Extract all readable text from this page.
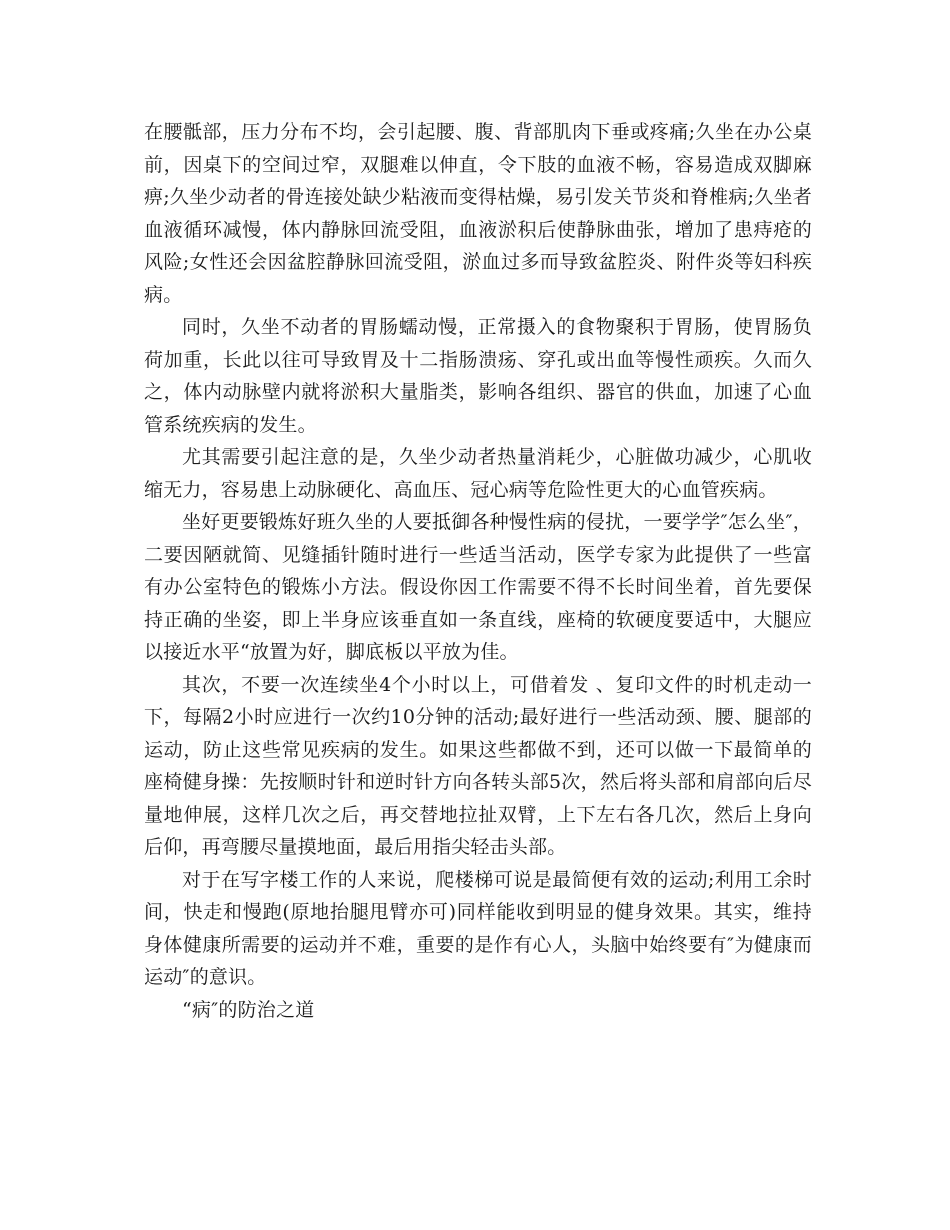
在腰骶部，压力分布不均，会引起腰、腹、背部肌肉下垂或疼痛;久坐在办公桌前，因桌下的空间过窄，双腿难以伸直，令下肢的血液不畅，容易造成双脚麻痹;久坐少动者的骨连接处缺少粘液而变得枯燥，易引发关节炎和脊椎病;久坐者血液循环减慢，体内静脉回流受阻，血液淤积后使静脉曲张，增加了患痔疮的风险;女性还会因盆腔静脉回流受阻，淤血过多而导致盆腔炎、附件炎等妇科疾病。

同时，久坐不动者的胃肠蠕动慢，正常摄入的食物聚积于胃肠，使胃肠负荷加重，长此以往可导致胃及十二指肠溃疡、穿孔或出血等慢性顽疾。久而久之，体内动脉壁内就将淤积大量脂类，影响各组织、器官的供血，加速了心血管系统疾病的发生。

尤其需要引起注意的是，久坐少动者热量消耗少，心脏做功减少，心肌收缩无力，容易患上动脉硬化、高血压、冠心病等危险性更大的心血管疾病。

坐好更要锻炼好班久坐的人要抵御各种慢性病的侵扰，一要学学″怎么坐″，二要因陋就简、见缝插针随时进行一些适当活动，医学专家为此提供了一些富有办公室特色的锻炼小方法。假设你因工作需要不得不长时间坐着，首先要保持正确的坐姿，即上半身应该垂直如一条直线，座椅的软硬度要适中，大腿应以接近水平“放置为好，脚底板以平放为佳。

其次，不要一次连续坐4个小时以上，可借着发 、复印文件的时机走动一下，每隔2小时应进行一次约10分钟的活动;最好进行一些活动颈、腰、腿部的运动，防止这些常见疾病的发生。如果这些都做不到，还可以做一下最简单的座椅健身操：先按顺时针和逆时针方向各转头部5次，然后将头部和肩部向后尽量地伸展，这样几次之后，再交替地拉扯双臂，上下左右各几次，然后上身向后仰，再弯腰尽量摸地面，最后用指尖轻击头部。

对于在写字楼工作的人来说，爬楼梯可说是最简便有效的运动;利用工余时间，快走和慢跑(原地抬腿甩臂亦可)同样能收到明显的健身效果。其实，维持身体健康所需要的运动并不难，重要的是作有心人，头脑中始终要有″为健康而运动″的意识。

“病″的防治之道
